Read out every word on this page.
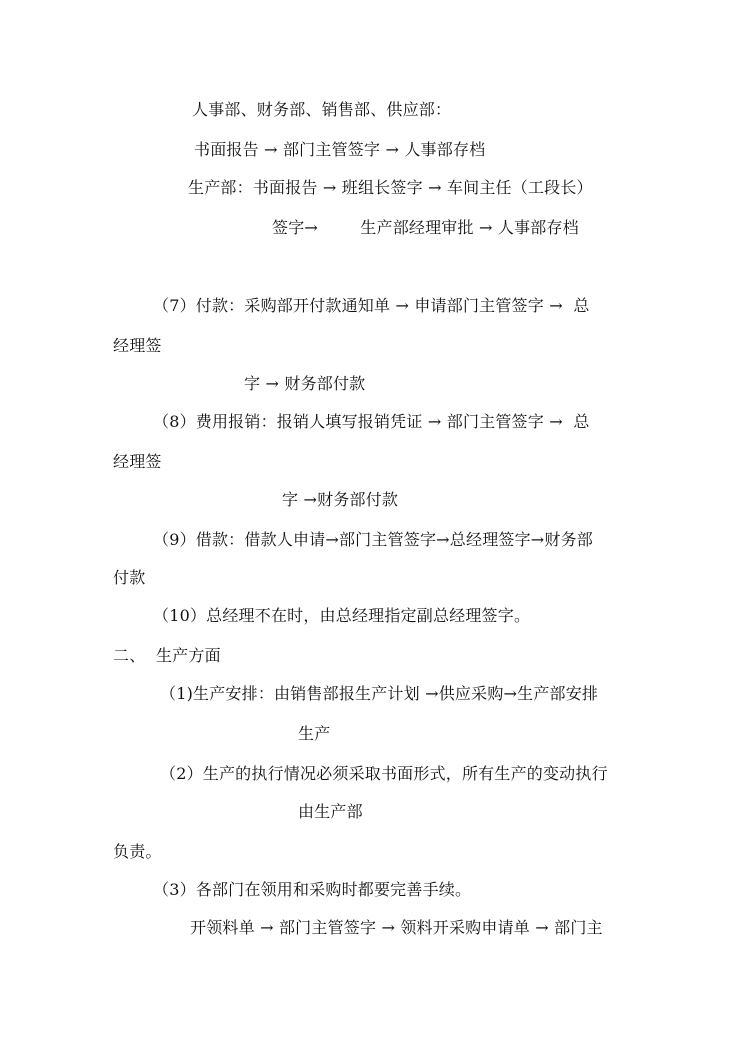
人事部、财务部、销售部、供应部：
书面报告 → 部门主管签字 → 人事部存档
生产部：书面报告 → 班组长签字 → 车间主任（工段长）
签字→        生产部经理审批 → 人事部存档
（7）付款：采购部开付款通知单 → 申请部门主管签字 →  总
经理签
字 → 财务部付款
（8）费用报销：报销人填写报销凭证 → 部门主管签字 →  总
经理签
字 →财务部付款
（9）借款：借款人申请→部门主管签字→总经理签字→财务部
付款
（10）总经理不在时，由总经理指定副总经理签字。
二、  生产方面
（1)生产安排：由销售部报生产计划 →供应采购→生产部安排
生产
（2）生产的执行情况必须采取书面形式，所有生产的变动执行
由生产部
负责。
（3）各部门在领用和采购时都要完善手续。
开领料单 → 部门主管签字 → 领料开采购申请单 → 部门主
